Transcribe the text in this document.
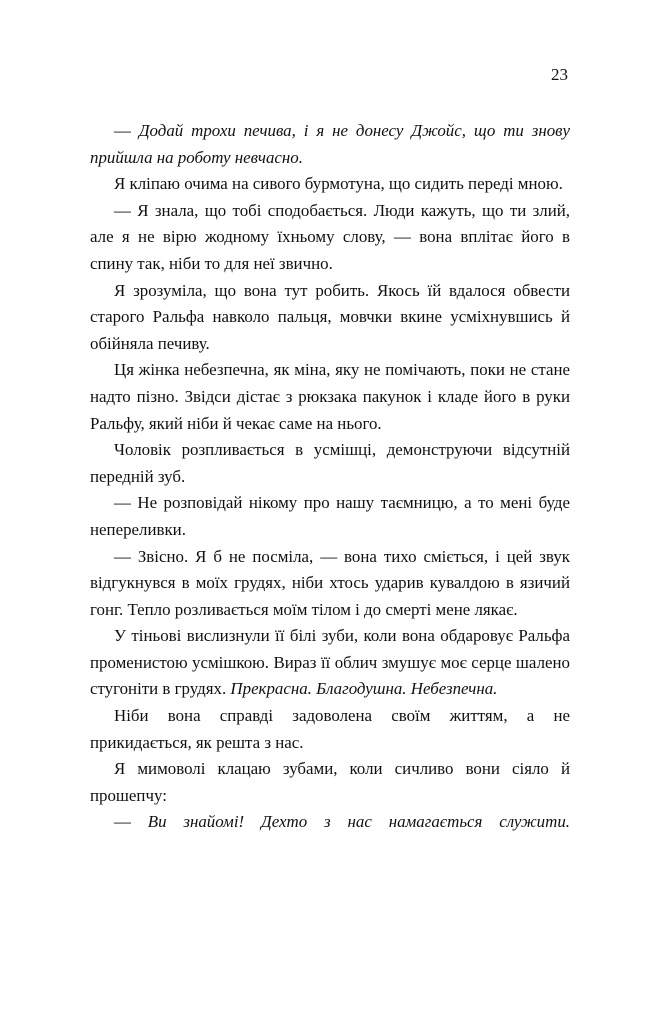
23

— Додай трохи печива, і я не донесу Джойс, що ти знову прийшла на роботу невчасно.

Я кліпаю очима на сивого бурмотуна, що сидить переді мною.

— Я знала, що тобі сподобається. Люди кажуть, що ти злий, але я не вірю жодному їхньому слову, — вона вплітає його в спину так, ніби то для неї звично.

Я зрозуміла, що вона тут робить. Якось їй вдалося обвести старого Ральфа навколо пальця, мовчки вкине усміхнувшись й обійняла печиву.

Ця жінка небезпечна, як міна, яку не помічають, поки не стане надто пізно. Звідси дістає з рюкзака пакунок і кладе його в руки Ральфу, який ніби й чекає саме на нього.

Чоловік розпливається в усмішці, демонструючи відсутній передній зуб.

— Не розповідай нікому про нашу таємницю, а то мені буде непереливки.

— Звісно. Я б не посміла, — вона тихо сміється, і цей звук відгукнувся в моїх грудях, ніби хтось ударив кувалдою в язичий гонг. Тепло розливається моїм тілом і до смерті мене лякає.

У тіньові вислизнули її білі зуби, коли вона обдаровує Ральфа променистою усмішкою. Вираз її облич змушує моє серце шалено стугоніти в грудях. Прекрасна. Благодушна. Небезпечна.

Ніби вона справді задоволена своїм життям, а не прикидається, як решта з нас.

Я мимоволі клацаю зубами, коли сичливо вони сіяло й прошепчу:

— Ви знайомі! Дехто з нас намагається служити.
